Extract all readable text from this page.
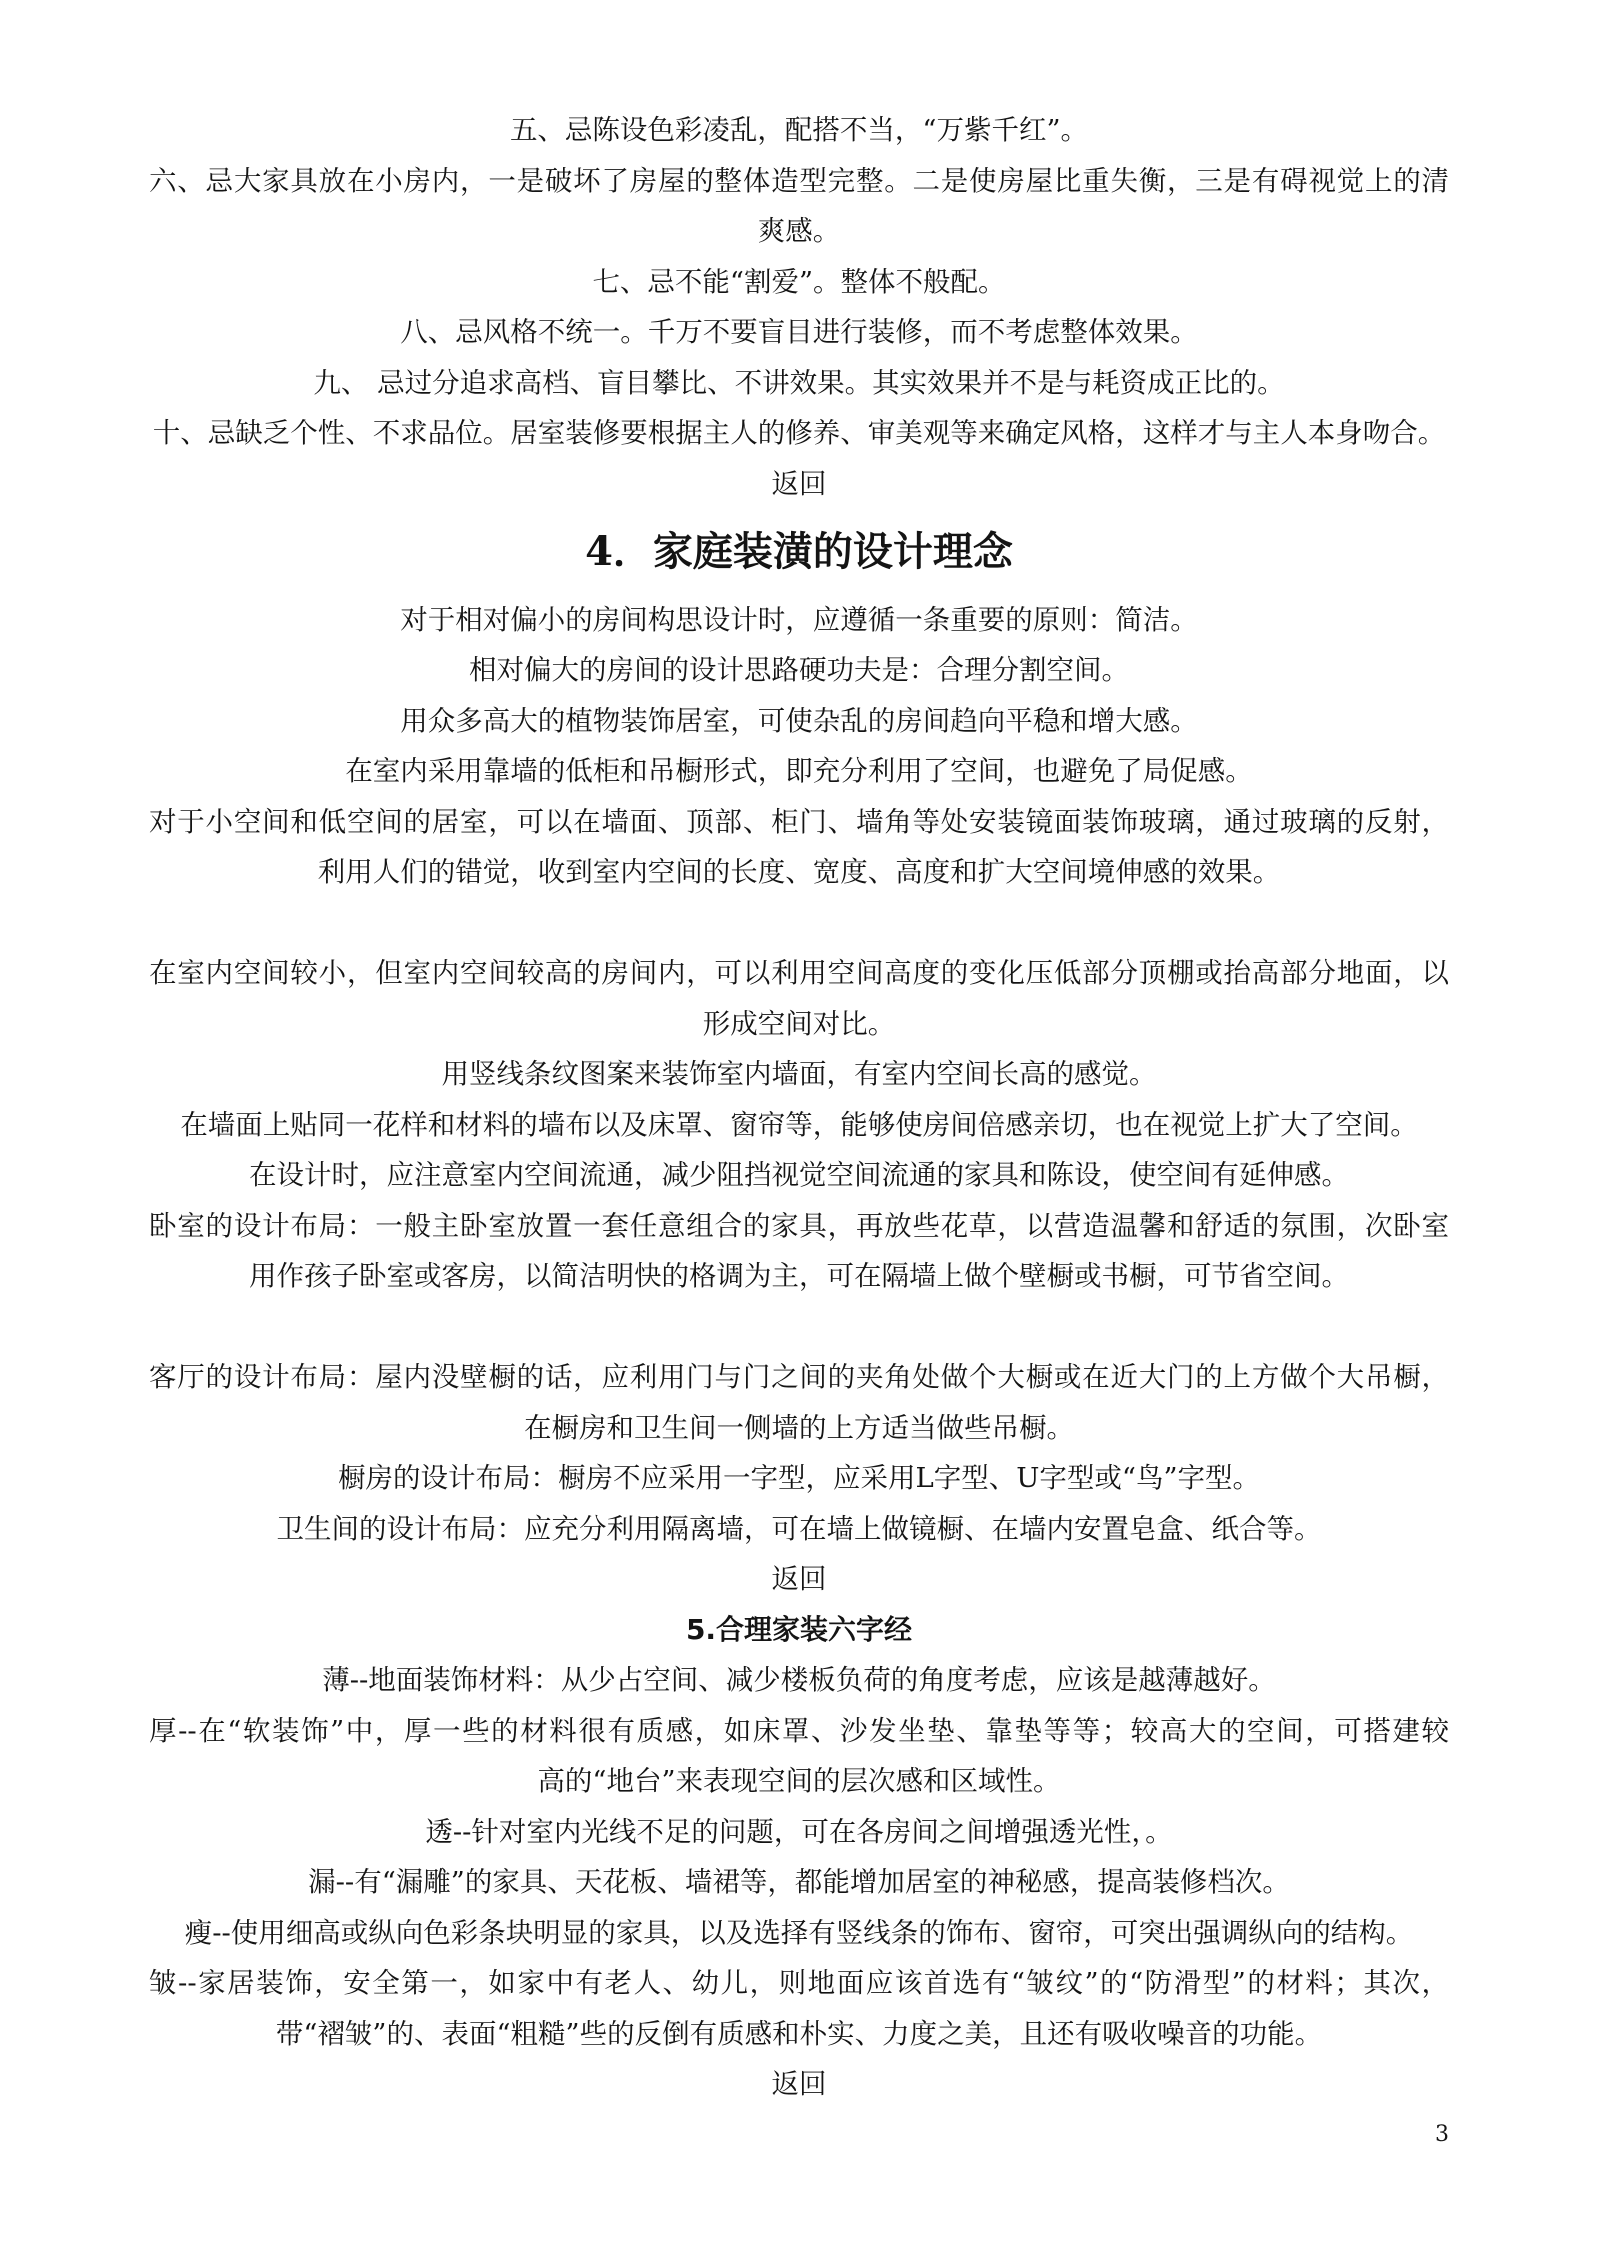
五、忌陈设色彩凌乱，配搭不当，“万紫千红”。
六、忌大家具放在小房内，一是破坏了房屋的整体造型完整。二是使房屋比重失衡，三是有碍视觉上的清
爽感。
七、忌不能“割爱”。整体不般配。
八、忌风格不统一。千万不要盲目进行装修，而不考虑整体效果。
九、 忌过分追求高档、盲目攀比、不讲效果。其实效果并不是与耗资成正比的。
十、忌缺乏个性、不求品位。居室装修要根据主人的修养、审美观等来确定风格，这样才与主人本身吻合。
返回
4．家庭装潢的设计理念
对于相对偏小的房间构思设计时，应遵循一条重要的原则：简洁。
相对偏大的房间的设计思路硬功夫是：合理分割空间。
用众多高大的植物装饰居室，可使杂乱的房间趋向平稳和增大感。
在室内采用靠墙的低柜和吊橱形式，即充分利用了空间，也避免了局促感。
对于小空间和低空间的居室，可以在墙面、顶部、柜门、墙角等处安装镜面装饰玻璃，通过玻璃的反射，
利用人们的错觉，收到室内空间的长度、宽度、高度和扩大空间境伸感的效果。
在室内空间较小，但室内空间较高的房间内，可以利用空间高度的变化压低部分顶棚或抬高部分地面，以
形成空间对比。
用竖线条纹图案来装饰室内墙面，有室内空间长高的感觉。
在墙面上贴同一花样和材料的墙布以及床罩、窗帘等，能够使房间倍感亲切，也在视觉上扩大了空间。
在设计时，应注意室内空间流通，减少阻挡视觉空间流通的家具和陈设，使空间有延伸感。
卧室的设计布局：一般主卧室放置一套任意组合的家具，再放些花草，以营造温馨和舒适的氛围，次卧室
用作孩子卧室或客房，以简洁明快的格调为主，可在隔墙上做个壁橱或书橱，可节省空间。
客厅的设计布局：屋内没壁橱的话，应利用门与门之间的夹角处做个大橱或在近大门的上方做个大吊橱，
在橱房和卫生间一侧墙的上方适当做些吊橱。
橱房的设计布局：橱房不应采用一字型，应采用L字型、U字型或“鸟”字型。
卫生间的设计布局：应充分利用隔离墙，可在墙上做镜橱、在墙内安置皂盒、纸合等。
返回
5.合理家装六字经
薄--地面装饰材料：从少占空间、减少楼板负荷的角度考虑，应该是越薄越好。
厚--在“软装饰”中，厚一些的材料很有质感，如床罩、沙发坐垫、靠垫等等；较高大的空间，可搭建较
高的“地台”来表现空间的层次感和区域性。
透--针对室内光线不足的问题，可在各房间之间增强透光性，。
漏--有“漏雕”的家具、天花板、墙裙等，都能增加居室的神秘感，提高装修档次。
瘦--使用细高或纵向色彩条块明显的家具，以及选择有竖线条的饰布、窗帘，可突出强调纵向的结构。
皱--家居装饰，安全第一，如家中有老人、幼儿，则地面应该首选有“皱纹”的“防滑型”的材料；其次，
带“褶皱”的、表面“粗糙”些的反倒有质感和朴实、力度之美，且还有吸收噪音的功能。
返回
3
